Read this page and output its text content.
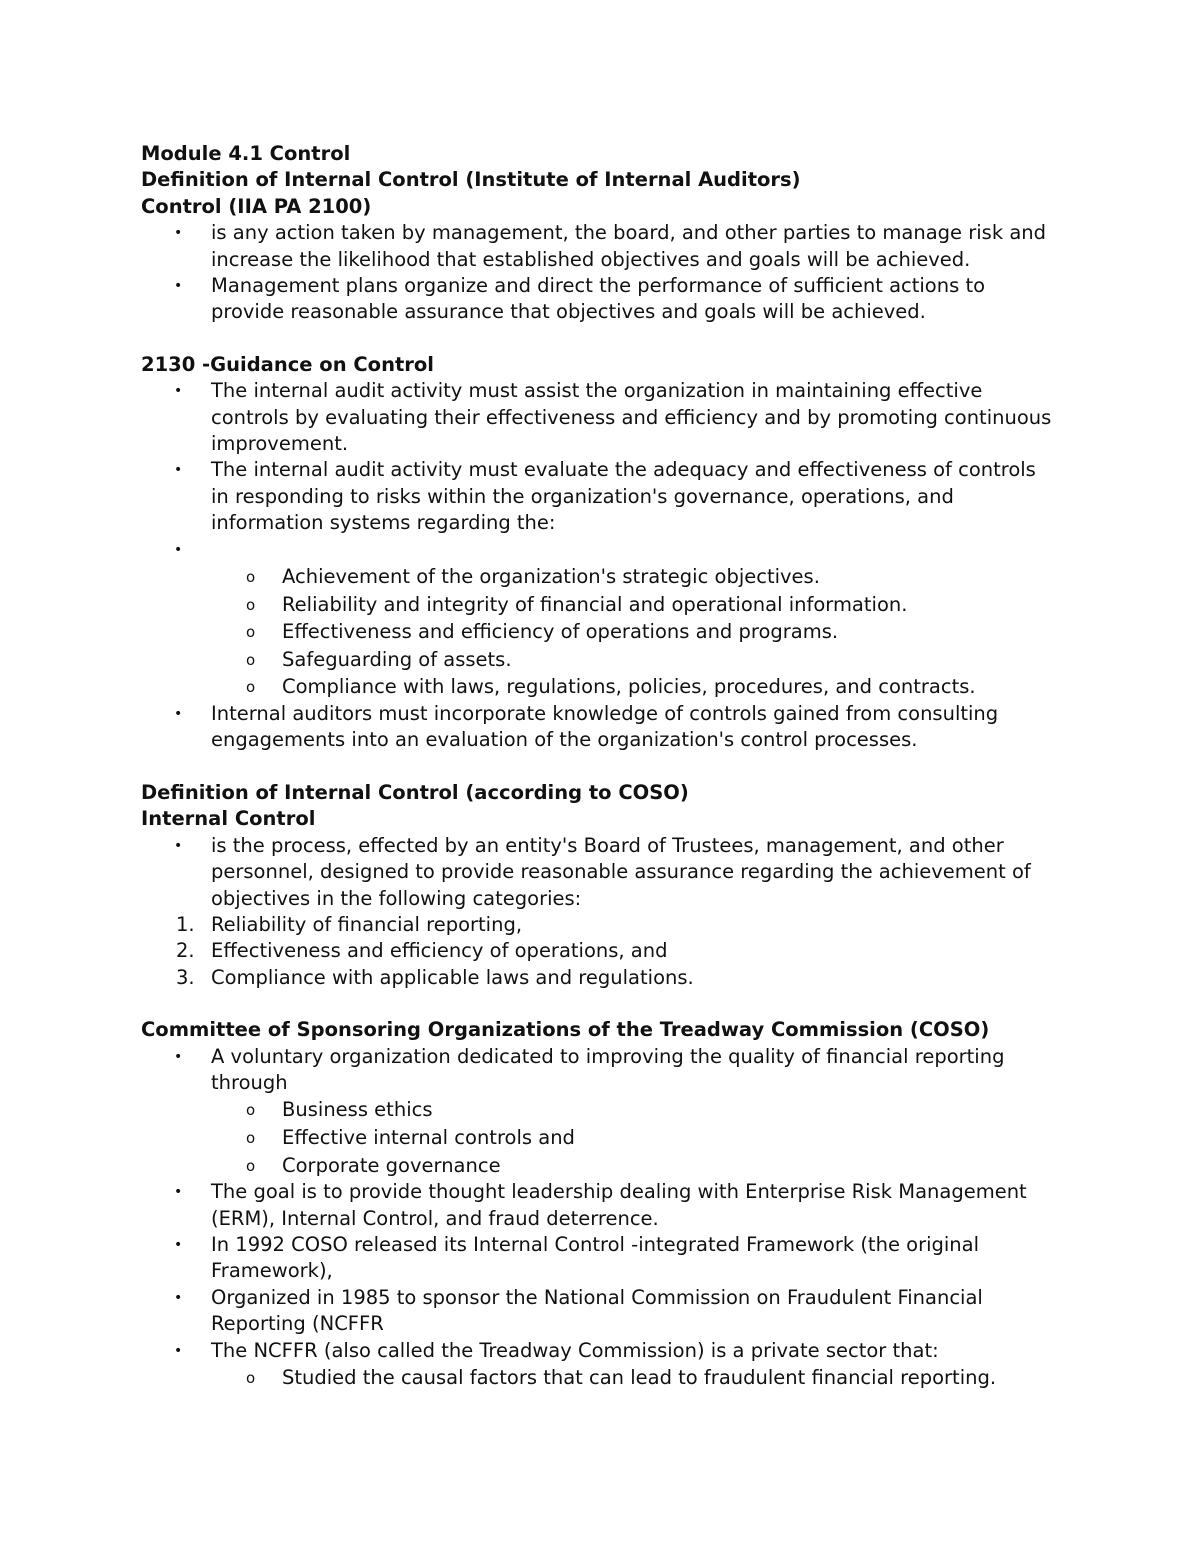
Module 4.1 Control
Definition of Internal Control (Institute of Internal Auditors)
Control (IIA PA 2100)
• is any action taken by management, the board, and other parties to manage risk and
increase the likelihood that established objectives and goals will be achieved.
• Management plans organize and direct the performance of sufficient actions to
provide reasonable assurance that objectives and goals will be achieved.
2130 -Guidance on Control
• The internal audit activity must assist the organization in maintaining effective
controls by evaluating their effectiveness and efficiency and by promoting continuous
improvement.
• The internal audit activity must evaluate the adequacy and effectiveness of controls
in responding to risks within the organization's governance, operations, and
information systems regarding the:
•

o Achievement of the organization's strategic objectives.
o Reliability and integrity of financial and operational information.
o Effectiveness and efficiency of operations and programs.
o Safeguarding of assets.
o Compliance with laws, regulations, policies, procedures, and contracts.
• Internal auditors must incorporate knowledge of controls gained from consulting
engagements into an evaluation of the organization's control processes.
Definition of Internal Control (according to COSO)
Internal Control
• is the process, effected by an entity's Board of Trustees, management, and other
personnel, designed to provide reasonable assurance regarding the achievement of
objectives in the following categories:
1. Reliability of financial reporting,
2. Effectiveness and efficiency of operations, and
3. Compliance with applicable laws and regulations.
Committee of Sponsoring Organizations of the Treadway Commission (COSO)
• A voluntary organization dedicated to improving the quality of financial reporting
through
o Business ethics
o Effective internal controls and
o Corporate governance
• The goal is to provide thought leadership dealing with Enterprise Risk Management
(ERM), Internal Control, and fraud deterrence.
• In 1992 COSO released its Internal Control -integrated Framework (the original
Framework),
• Organized in 1985 to sponsor the National Commission on Fraudulent Financial
Reporting (NCFFR
• The NCFFR (also called the Treadway Commission) is a private sector that:
o Studied the causal factors that can lead to fraudulent financial reporting.
